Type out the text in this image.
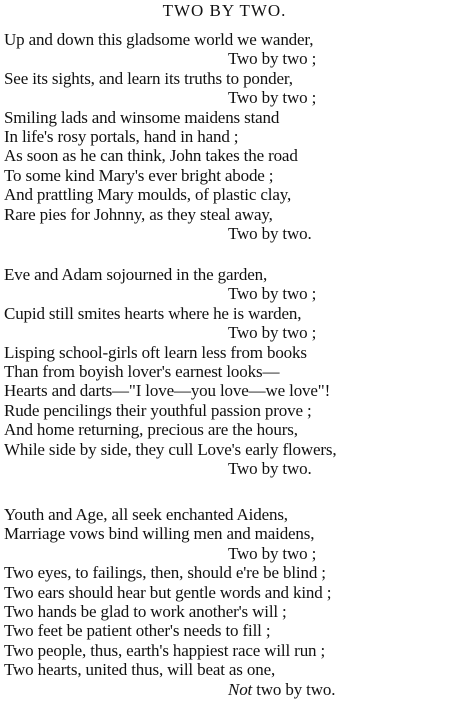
TWO BY TWO.
Up and down this gladsome world we wander,
Two by two ;
See its sights, and learn its truths to ponder,
Two by two ;
Smiling lads and winsome maidens stand
In life's rosy portals, hand in hand ;
As soon as he can think, John takes the road
To some kind Mary's ever bright abode ;
And prattling Mary moulds, of plastic clay,
Rare pies for Johnny, as they steal away,
Two by two.
Eve and Adam sojourned in the garden,
Two by two ;
Cupid still smites hearts where he is warden,
Two by two ;
Lisping school-girls oft learn less from books
Than from boyish lover's earnest looks—
Hearts and darts—"I love—you love—we love"!
Rude pencilings their youthful passion prove ;
And home returning, precious are the hours,
While side by side, they cull Love's early flowers,
Two by two.
Youth and Age, all seek enchanted Aidens,
Marriage vows bind willing men and maidens,
Two by two ;
Two eyes, to failings, then, should e're be blind ;
Two ears should hear but gentle words and kind ;
Two hands be glad to work another's will ;
Two feet be patient other's needs to fill ;
Two people, thus, earth's happiest race will run ;
Two hearts, united thus, will beat as one,
Not two by two.
